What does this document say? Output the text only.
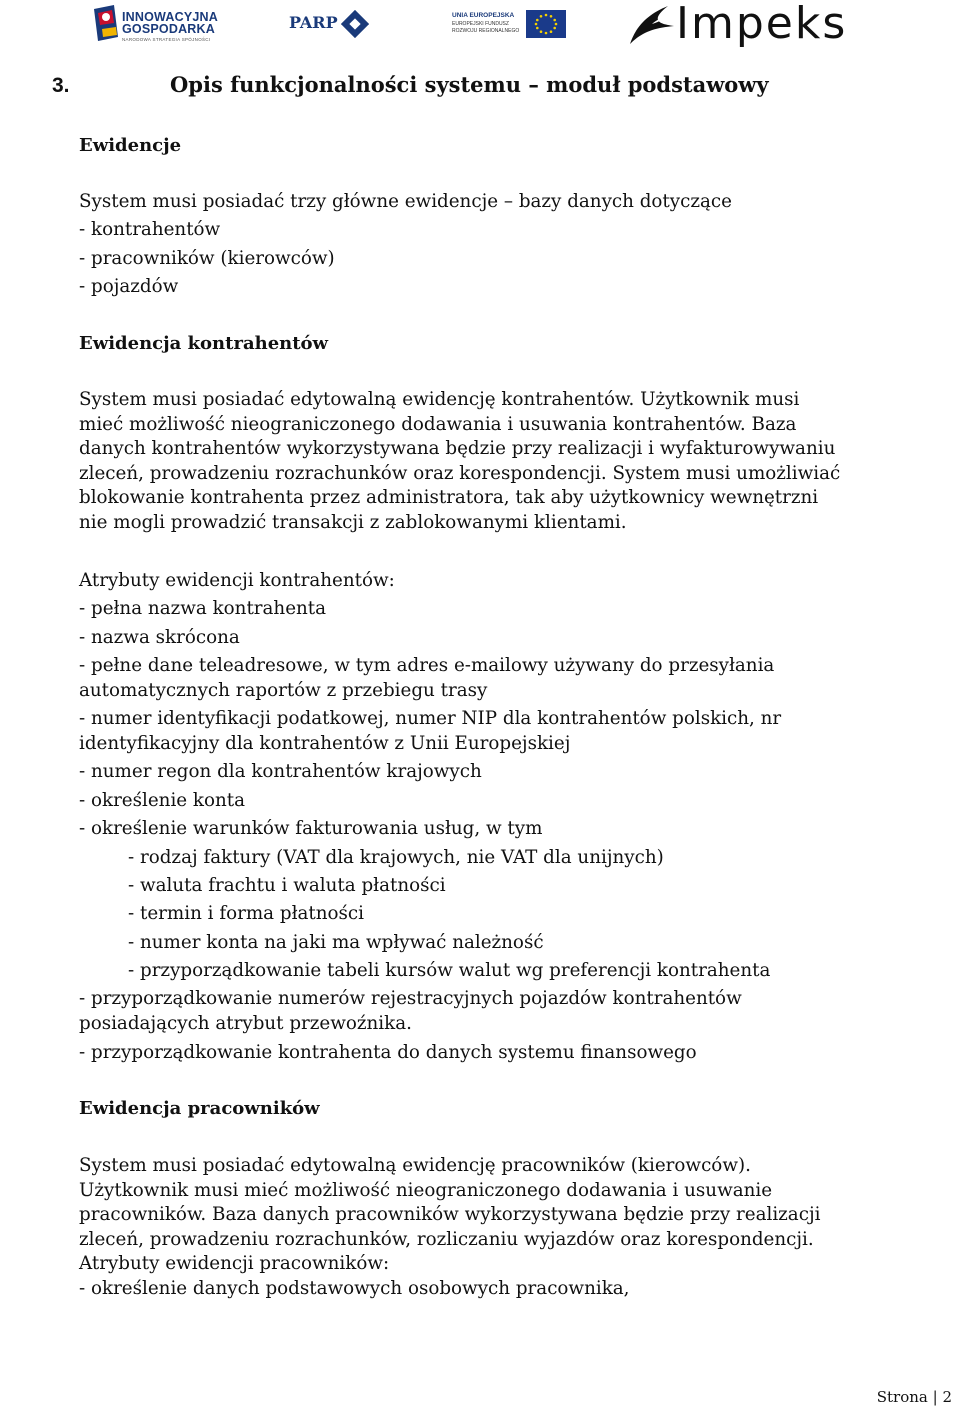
INNOWACYJNA
GOSPODARKA
NARODOWA STRATEGIA SPÓJNOŚCI
PARP	UNIA EUROPEJSKA
EUROPEJSKI FUNDUSZ
ROZWOJU REGIONALNEGO	Impeks
3.	Opis funkcjonalności systemu – moduł podstawowy
Ewidencje
System musi posiadać trzy główne ewidencje – bazy danych dotyczące
- kontrahentów
- pracowników (kierowców)
- pojazdów
Ewidencja kontrahentów
System musi posiadać edytowalną ewidencję kontrahentów. Użytkownik musi
mieć możliwość nieograniczonego dodawania i usuwania kontrahentów. Baza
danych kontrahentów wykorzystywana będzie przy realizacji i wyfakturowywaniu
zleceń, prowadzeniu rozrachunków oraz korespondencji. System musi umożliwiać
blokowanie kontrahenta przez administratora, tak aby użytkownicy wewnętrzni
nie mogli prowadzić transakcji z zablokowanymi klientami.
Atrybuty ewidencji kontrahentów:
- pełna nazwa kontrahenta
- nazwa skrócona
- pełne dane teleadresowe, w tym adres e-mailowy używany do przesyłania
automatycznych raportów z przebiegu trasy
- numer identyfikacji podatkowej, numer NIP dla kontrahentów polskich, nr
identyfikacyjny dla kontrahentów z Unii Europejskiej
- numer regon dla kontrahentów krajowych
- określenie konta
- określenie warunków fakturowania usług, w tym
- rodzaj faktury (VAT dla krajowych, nie VAT dla unijnych)
- waluta frachtu i waluta płatności
- termin i forma płatności
- numer konta na jaki ma wpływać należność
- przyporządkowanie tabeli kursów walut wg preferencji kontrahenta
- przyporządkowanie numerów rejestracyjnych pojazdów kontrahentów
posiadających atrybut przewoźnika.
- przyporządkowanie kontrahenta do danych systemu finansowego
Ewidencja pracowników
System musi posiadać edytowalną ewidencję pracowników (kierowców).
Użytkownik musi mieć możliwość nieograniczonego dodawania i usuwanie
pracowników. Baza danych pracowników wykorzystywana będzie przy realizacji
zleceń, prowadzeniu rozrachunków, rozliczaniu wyjazdów oraz korespondencji.
Atrybuty ewidencji pracowników:
- określenie danych podstawowych osobowych pracownika,
Strona | 2
